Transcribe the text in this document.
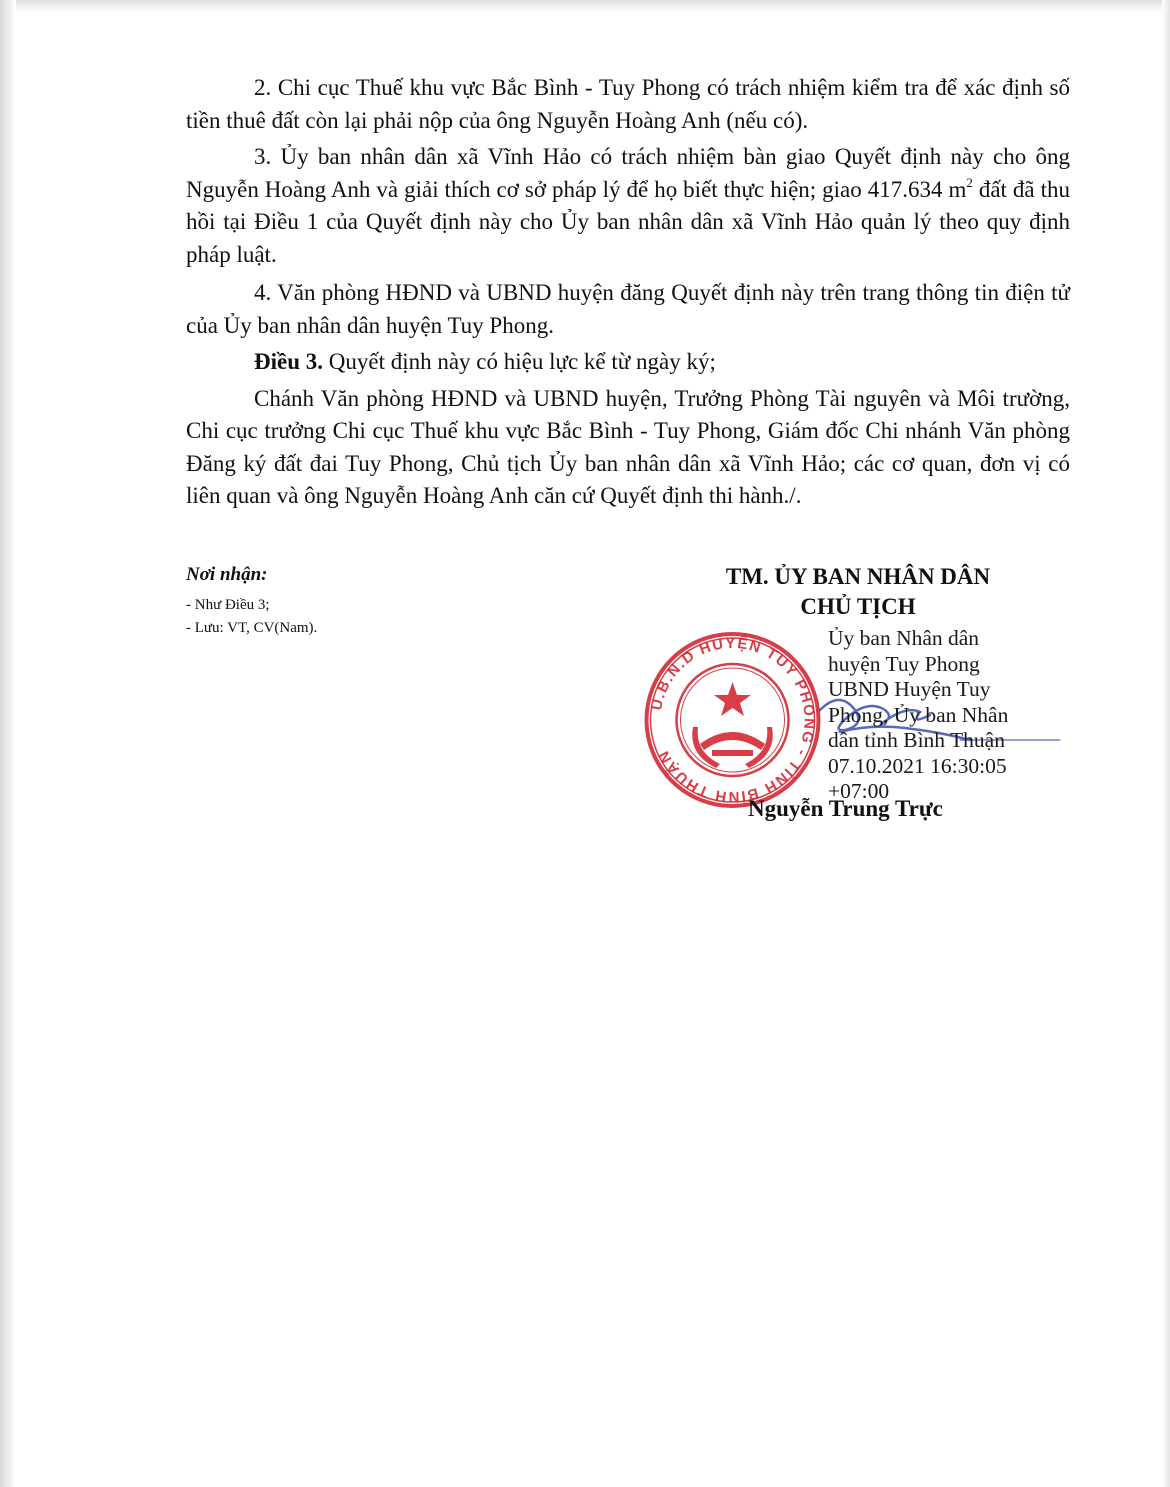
2. Chi cục Thuế khu vực Bắc Bình - Tuy Phong có trách nhiệm kiểm tra để xác định số tiền thuê đất còn lại phải nộp của ông Nguyễn Hoàng Anh (nếu có).

3. Ủy ban nhân dân xã Vĩnh Hảo có trách nhiệm bàn giao Quyết định này cho ông Nguyễn Hoàng Anh và giải thích cơ sở pháp lý để họ biết thực hiện; giao 417.634 $m^2$ đất đã thu hồi tại Điều 1 của Quyết định này cho Ủy ban nhân dân xã Vĩnh Hảo quản lý theo quy định pháp luật.

4. Văn phòng HĐND và UBND huyện đăng Quyết định này trên trang thông tin điện tử của Ủy ban nhân dân huyện Tuy Phong.

Điều 3. Quyết định này có hiệu lực kể từ ngày ký;

Chánh Văn phòng HĐND và UBND huyện, Trưởng Phòng Tài nguyên và Môi trường, Chi cục trưởng Chi cục Thuế khu vực Bắc Bình - Tuy Phong, Giám đốc Chi nhánh Văn phòng Đăng ký đất đai Tuy Phong, Chủ tịch Ủy ban nhân dân xã Vĩnh Hảo; các cơ quan, đơn vị có liên quan và ông Nguyễn Hoàng Anh căn cứ Quyết định thi hành./.

Nơi nhận:
- Như Điều 3;
- Lưu: VT, CV(Nam).
TM. ỦY BAN NHÂN DÂN
CHỦ TỊCH
U.B.N.D HUYỆN TUY PHONG - TỈNH BÌNH THUẬN
Ủy ban Nhân dân
huyện Tuy Phong
UBND Huyện Tuy
Phong, Ủy ban Nhân
dân tỉnh Bình Thuận
07.10.2021 16:30:05
+07:00
Nguyễn Trung Trực
